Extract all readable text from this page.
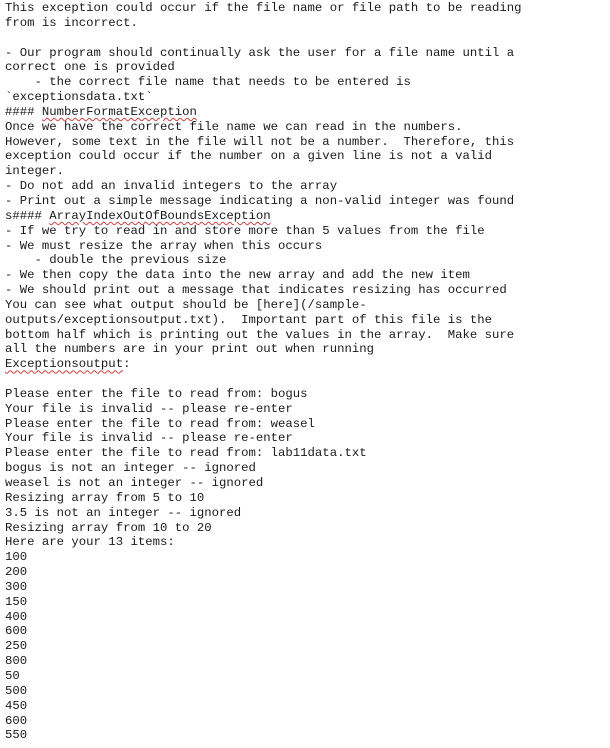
This exception could occur if the file name or file path to be reading
from is incorrect.
- Our program should continually ask the user for a file name until a
correct one is provided
- the correct file name that needs to be entered is
`exceptionsdata.txt`
#### NumberFormatException
Once we have the correct file name we can read in the numbers.
However, some text in the file will not be a number.  Therefore, this
exception could occur if the number on a given line is not a valid
integer.
- Do not add an invalid integers to the array
- Print out a simple message indicating a non-valid integer was found
s#### ArrayIndexOutOfBoundsException
- If we try to read in and store more than 5 values from the file
- We must resize the array when this occurs
- double the previous size
- We then copy the data into the new array and add the new item
- We should print out a message that indicates resizing has occurred
You can see what output should be [here](/sample-
outputs/exceptionsoutput.txt).  Important part of this file is the
bottom half which is printing out the values in the array.  Make sure
all the numbers are in your print out when running
Exceptionsoutput:
Please enter the file to read from: bogus
Your file is invalid -- please re-enter
Please enter the file to read from: weasel
Your file is invalid -- please re-enter
Please enter the file to read from: lab11data.txt
bogus is not an integer -- ignored
weasel is not an integer -- ignored
Resizing array from 5 to 10
3.5 is not an integer -- ignored
Resizing array from 10 to 20
Here are your 13 items:
100
200
300
150
400
600
250
800
50
500
450
600
550
